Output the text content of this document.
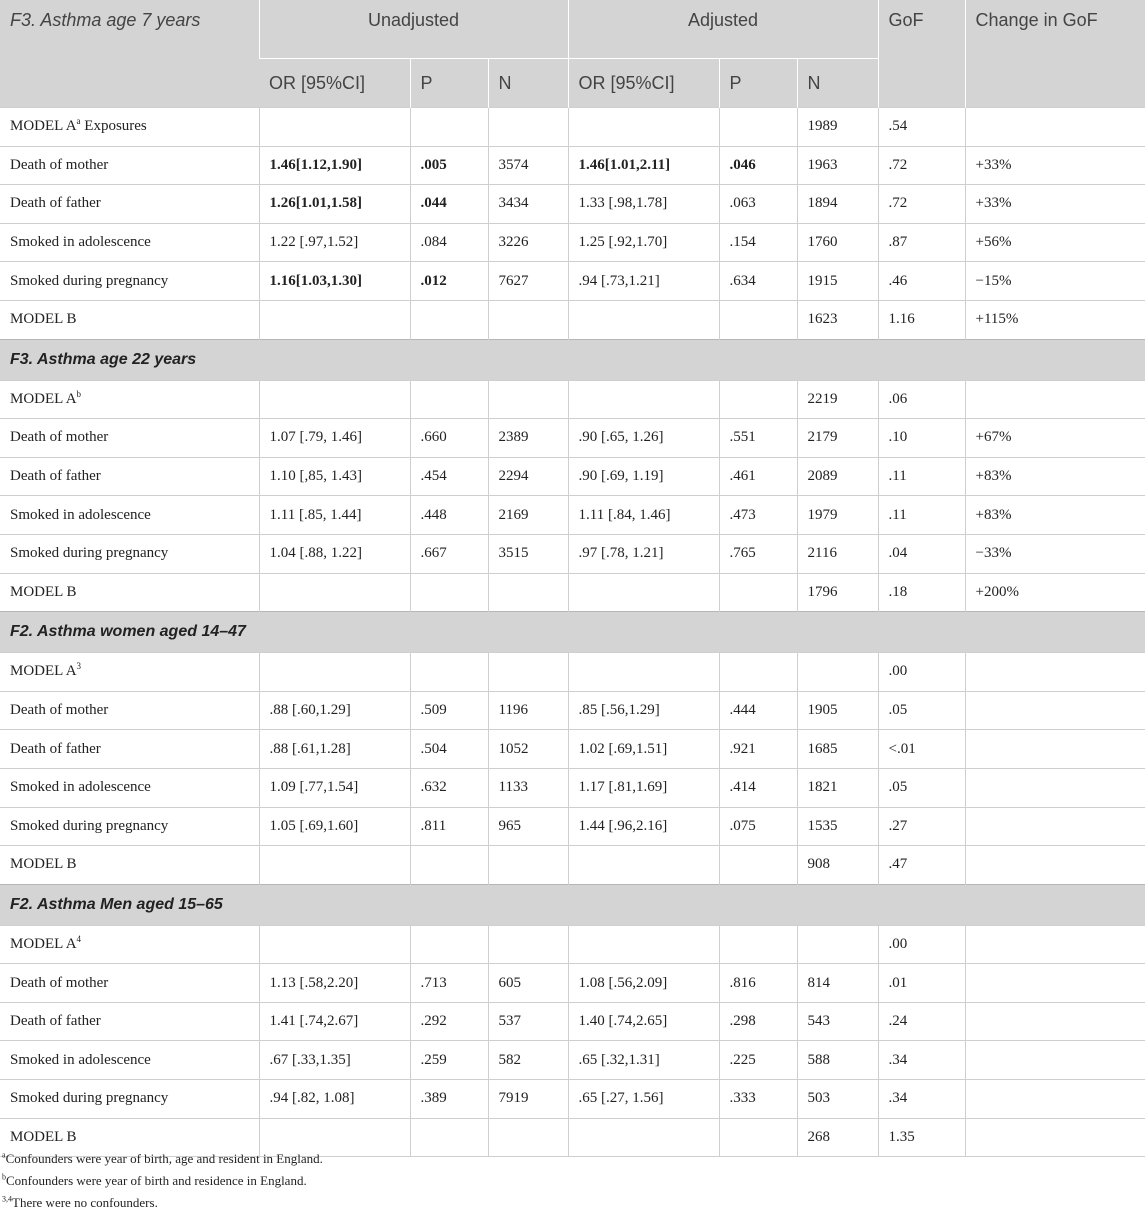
F3. Asthma age 7 years	Unadjusted			Adjusted			GoF	Change in GoF
	OR [95%CI]	P	N	OR [95%CI]	P	N		
MODEL $A^a$ Exposures						1989	.54	
Death of mother	1.46[1.12,1.90]	.005	3574	1.46[1.01,2.11]	.046	1963	.72	+33%
Death of father	1.26[1.01,1.58]	.044	3434	1.33 [.98,1.78]	.063	1894	.72	+33%
Smoked in adolescence	1.22 [.97,1.52]	.084	3226	1.25 [.92,1.70]	.154	1760	.87	+56%
Smoked during pregnancy	1.16[1.03,1.30]	.012	7627	.94 [.73,1.21]	.634	1915	.46	−15%
MODEL B						1623	1.16	+115%
F3. Asthma age 22 years								
MODEL $A^b$						2219	.06	
Death of mother	1.07 [.79, 1.46]	.660	2389	.90 [.65, 1.26]	.551	2179	.10	+67%
Death of father	1.10 [,85, 1.43]	.454	2294	.90 [.69, 1.19]	.461	2089	.11	+83%
Smoked in adolescence	1.11 [.85, 1.44]	.448	2169	1.11 [.84, 1.46]	.473	1979	.11	+83%
Smoked during pregnancy	1.04 [.88, 1.22]	.667	3515	.97 [.78, 1.21]	.765	2116	.04	−33%
MODEL B						1796	.18	+200%
F2. Asthma women aged 14–47								
MODEL $A^3$							.00	
Death of mother	.88 [.60,1.29]	.509	1196	.85 [.56,1.29]	.444	1905	.05	
Death of father	.88 [.61,1.28]	.504	1052	1.02 [.69,1.51]	.921	1685	<.01	
Smoked in adolescence	1.09 [.77,1.54]	.632	1133	1.17 [.81,1.69]	.414	1821	.05	
Smoked during pregnancy	1.05 [.69,1.60]	.811	965	1.44 [.96,2.16]	.075	1535	.27	
MODEL B						908	.47	
F2. Asthma Men aged 15–65								
MODEL $A^4$							.00	
Death of mother	1.13 [.58,2.20]	.713	605	1.08 [.56,2.09]	.816	814	.01	
Death of father	1.41 [.74,2.67]	.292	537	1.40 [.74,2.65]	.298	543	.24	
Smoked in adolescence	.67 [.33,1.35]	.259	582	.65 [.32,1.31]	.225	588	.34	
Smoked during pregnancy	.94 [.82, 1.08]	.389	7919	.65 [.27, 1.56]	.333	503	.34	
MODEL B						268	1.35	
$^a$Confounders were year of birth, age and resident in England.
$^b$Confounders were year of birth and residence in England.
$^{3,4}$There were no confounders.
